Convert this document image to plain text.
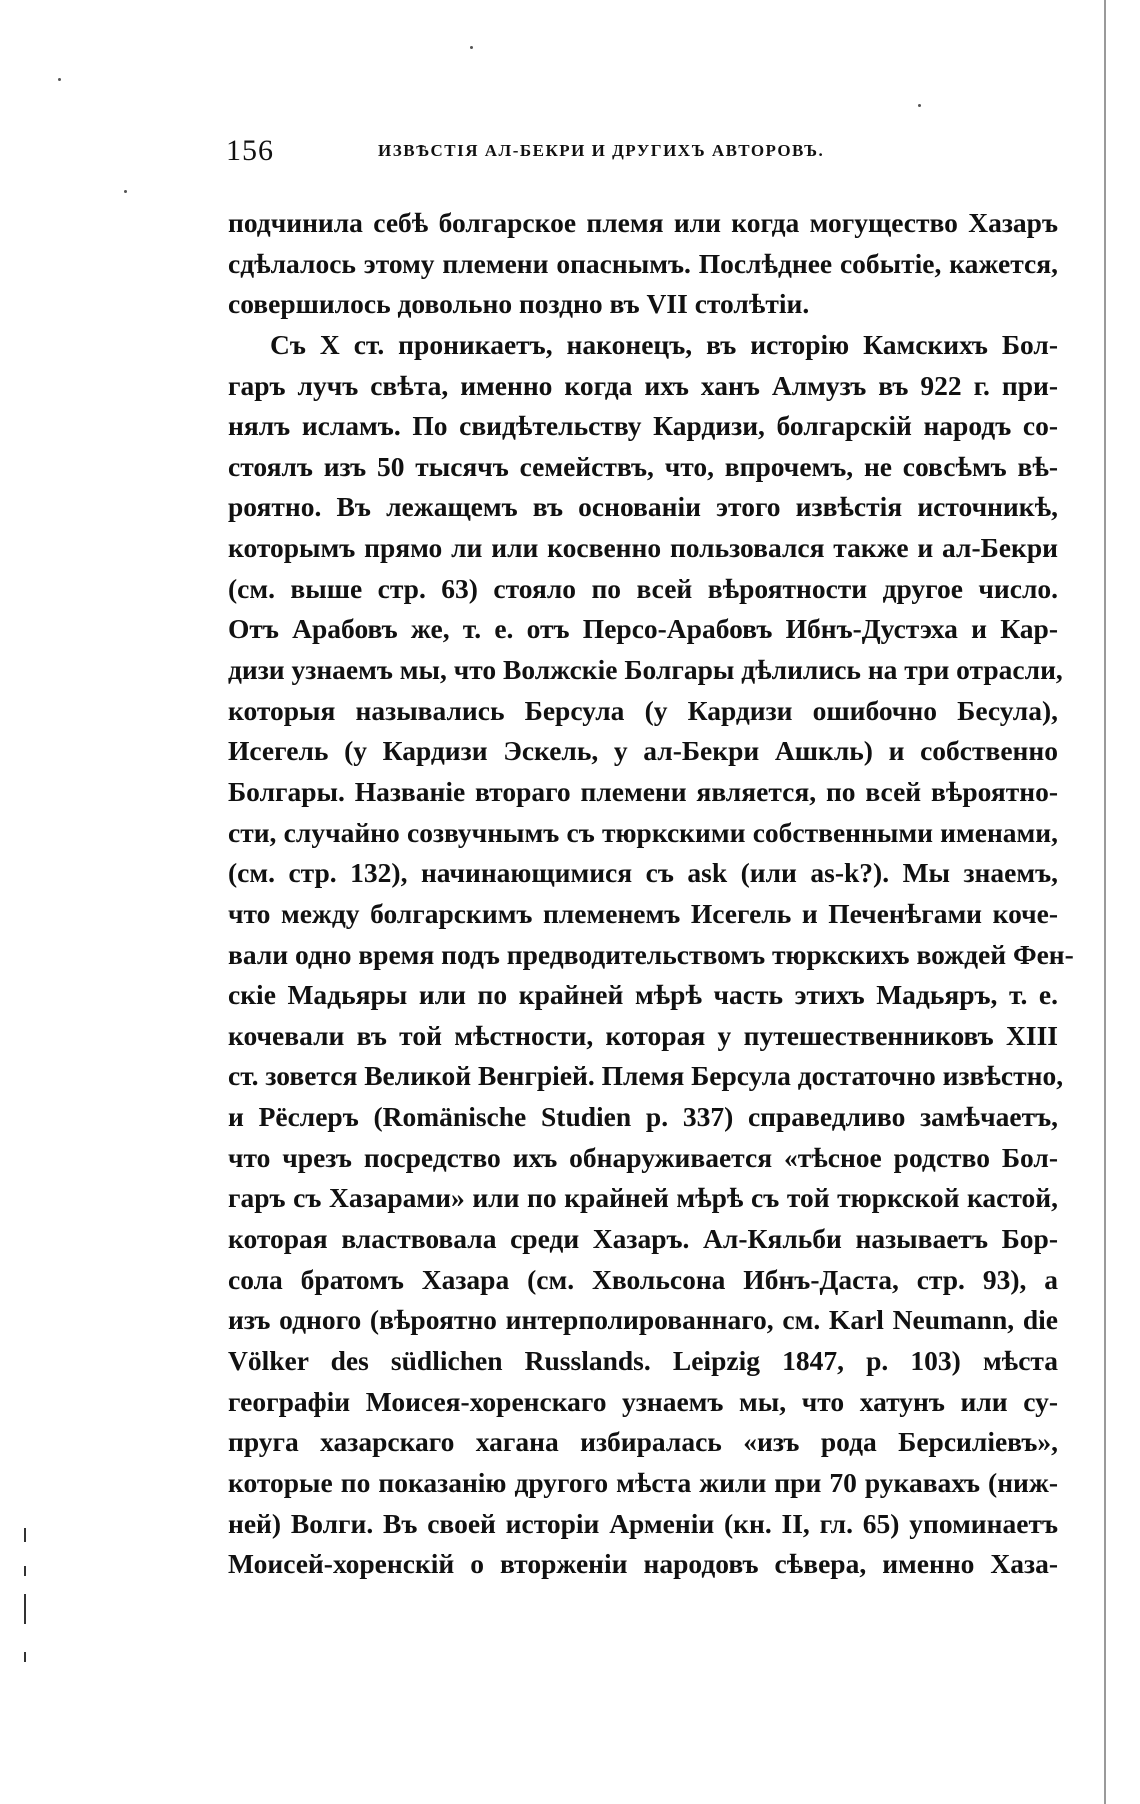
156	ИЗВѢСТІЯ АЛ-БЕКРИ И ДРУГИХЪ АВТОРОВЪ.
подчинила себѣ болгарское племя или когда могущество Хазаръ
сдѣлалось этому племени опаснымъ. Послѣднее событіе, кажется,
совершилось довольно поздно въ VII столѣтіи.
Съ X ст. проникаетъ, наконецъ, въ исторію Камскихъ Бол-
гаръ лучъ свѣта, именно когда ихъ ханъ Алмузъ въ 922 г. при-
нялъ исламъ. По свидѣтельству Кардизи, болгарскій народъ со-
стоялъ изъ 50 тысячъ семействъ, что, впрочемъ, не совсѣмъ вѣ-
роятно. Въ лежащемъ въ основаніи этого извѣстія источникѣ,
которымъ прямо ли или косвенно пользовался также и ал-Бекри
(см. выше стр. 63) стояло по всей вѣроятности другое число.
Отъ Арабовъ же, т. е. отъ Персо-Арабовъ Ибнъ-Дустэха и Кар-
дизи узнаемъ мы, что Волжскіе Болгары дѣлились на три отрасли,
которыя назывались Берсула (у Кардизи ошибочно Бесула),
Исегель (у Кардизи Эскель, у ал-Бекри Ашкль) и собственно
Болгары. Названіе втораго племени является, по всей вѣроятно-
сти, случайно созвучнымъ съ тюркскими собственными именами,
(см. стр. 132), начинающимися съ ask (или as-k?). Мы знаемъ,
что между болгарскимъ племенемъ Исегель и Печенѣгами коче-
вали одно время подъ предводительствомъ тюркскихъ вождей Фен-
скіе Мадьяры или по крайней мѣрѣ часть этихъ Мадьяръ, т. е.
кочевали въ той мѣстности, которая у путешественниковъ XIII
ст. зовется Великой Венгріей. Племя Берсула достаточно извѣстно,
и Рёслеръ (Romänische Studien p. 337) справедливо замѣчаетъ,
что чрезъ посредство ихъ обнаруживается «тѣсное родство Бол-
гаръ съ Хазарами» или по крайней мѣрѣ съ той тюркской кастой,
которая властвовала среди Хазаръ. Ал-Кяльби называетъ Бор-
сола братомъ Хазара (см. Хвольсона Ибнъ-Даста, стр. 93), а
изъ одного (вѣроятно интерполированнаго, см. Karl Neumann, die
Völker des südlichen Russlands. Leipzig 1847, p. 103) мѣста
географіи Моисея-хоренскаго узнаемъ мы, что хатунъ или су-
пруга хазарскаго хагана избиралась «изъ рода Берсиліевъ»,
которые по показанію другого мѣста жили при 70 рукавахъ (ниж-
ней) Волги. Въ своей исторіи Арменіи (кн. II, гл. 65) упоминаетъ
Моисей-хоренскій о вторженіи народовъ сѣвера, именно Хаза-
